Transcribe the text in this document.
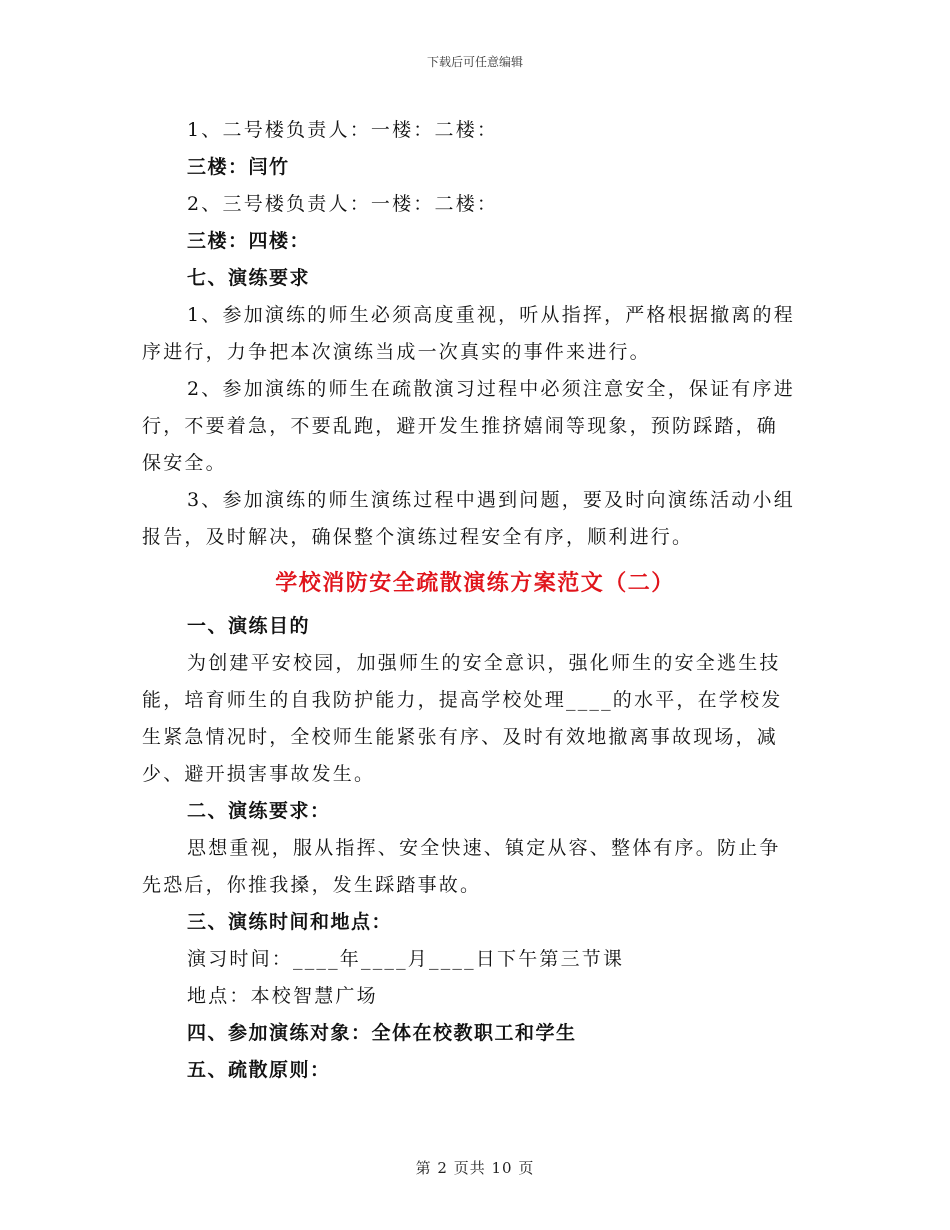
下载后可任意编辑

1、二号楼负责人：一楼：二楼：

三楼：闫竹

2、三号楼负责人：一楼：二楼：

三楼：四楼：

七、演练要求

1、参加演练的师生必须高度重视，听从指挥，严格根据撤离的程

序进行，力争把本次演练当成一次真实的事件来进行。

2、参加演练的师生在疏散演习过程中必须注意安全，保证有序进

行，不要着急，不要乱跑，避开发生推挤嬉闹等现象，预防踩踏，确

保安全。

3、参加演练的师生演练过程中遇到问题，要及时向演练活动小组

报告，及时解决，确保整个演练过程安全有序，顺利进行。

学校消防安全疏散演练方案范文（二）

一、演练目的

为创建平安校园，加强师生的安全意识，强化师生的安全逃生技

能，培育师生的自我防护能力，提高学校处理____的水平，在学校发

生紧急情况时，全校师生能紧张有序、及时有效地撤离事故现场，减

少、避开损害事故发生。

二、演练要求：

思想重视，服从指挥、安全快速、镇定从容、整体有序。防止争

先恐后，你推我搡，发生踩踏事故。

三、演练时间和地点：

演习时间：____年____月____日下午第三节课

地点：本校智慧广场

四、参加演练对象：全体在校教职工和学生

五、疏散原则：

第 2 页共 10 页
